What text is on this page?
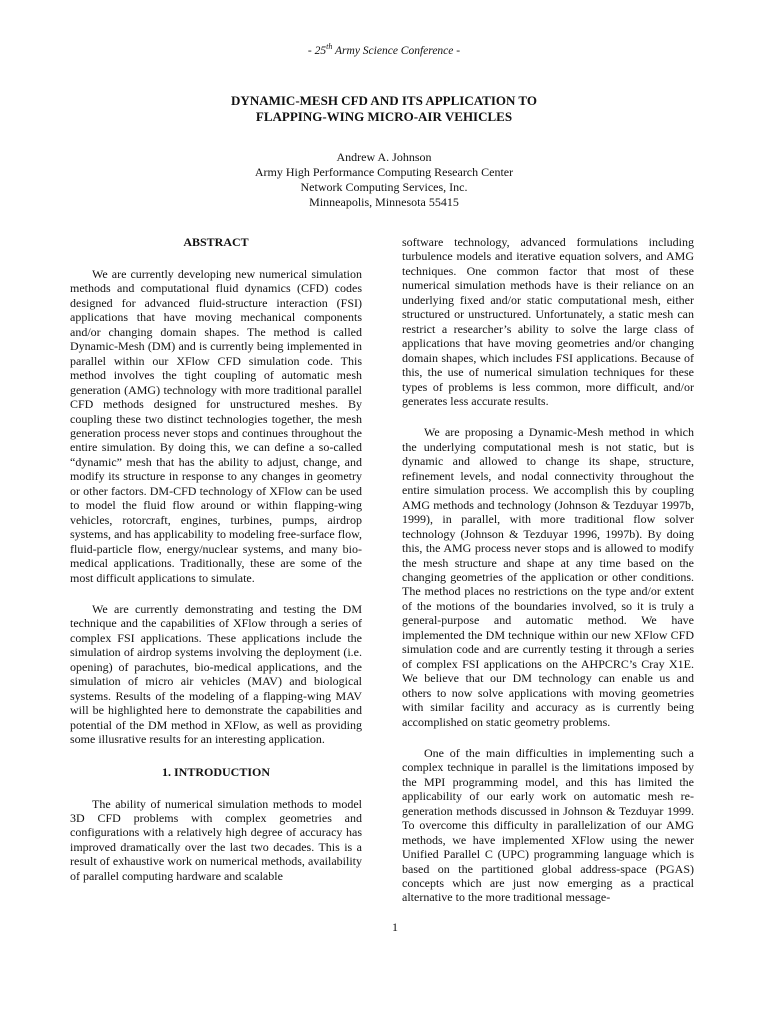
- 25th Army Science Conference -
DYNAMIC-MESH CFD AND ITS APPLICATION TO
FLAPPING-WING MICRO-AIR VEHICLES
Andrew A. Johnson
Army High Performance Computing Research Center
Network Computing Services, Inc.
Minneapolis, Minnesota 55415
ABSTRACT

We are currently developing new numerical simulation methods and computational fluid dynamics (CFD) codes designed for advanced fluid-structure interaction (FSI) applications that have moving mechanical components and/or changing domain shapes. The method is called Dynamic-Mesh (DM) and is currently being implemented in parallel within our XFlow CFD simulation code. This method involves the tight coupling of automatic mesh generation (AMG) technology with more traditional parallel CFD methods designed for unstructured meshes. By coupling these two distinct technologies together, the mesh generation process never stops and continues throughout the entire simulation. By doing this, we can define a so-called “dynamic” mesh that has the ability to adjust, change, and modify its structure in response to any changes in geometry or other factors. DM-CFD technology of XFlow can be used to model the fluid flow around or within flapping-wing vehicles, rotorcraft, engines, turbines, pumps, airdrop systems, and has applicability to modeling free-surface flow, fluid-particle flow, energy/nuclear systems, and many bio-medical applications. Traditionally, these are some of the most difficult applications to simulate.

We are currently demonstrating and testing the DM technique and the capabilities of XFlow through a series of complex FSI applications. These applications include the simulation of airdrop systems involving the deployment (i.e. opening) of parachutes, bio-medical applications, and the simulation of micro air vehicles (MAV) and biological systems. Results of the modeling of a flapping-wing MAV will be highlighted here to demonstrate the capabilities and potential of the DM method in XFlow, as well as providing some illusrative results for an interesting application.

1. INTRODUCTION

The ability of numerical simulation methods to model 3D CFD problems with complex geometries and configurations with a relatively high degree of accuracy has improved dramatically over the last two decades. This is a result of exhaustive work on numerical methods, availability of parallel computing hardware and scalable

software technology, advanced formulations including turbulence models and iterative equation solvers, and AMG techniques. One common factor that most of these numerical simulation methods have is their reliance on an underlying fixed and/or static computational mesh, either structured or unstructured. Unfortunately, a static mesh can restrict a researcher’s ability to solve the large class of applications that have moving geometries and/or changing domain shapes, which includes FSI applications. Because of this, the use of numerical simulation techniques for these types of problems is less common, more difficult, and/or generates less accurate results.

We are proposing a Dynamic-Mesh method in which the underlying computational mesh is not static, but is dynamic and allowed to change its shape, structure, refinement levels, and nodal connectivity throughout the entire simulation process. We accomplish this by coupling AMG methods and technology (Johnson & Tezduyar 1997b, 1999), in parallel, with more traditional flow solver technology (Johnson & Tezduyar 1996, 1997b). By doing this, the AMG process never stops and is allowed to modify the mesh structure and shape at any time based on the changing geometries of the application or other conditions. The method places no restrictions on the type and/or extent of the motions of the boundaries involved, so it is truly a general-purpose and automatic method. We have implemented the DM technique within our new XFlow CFD simulation code and are currently testing it through a series of complex FSI applications on the AHPCRC’s Cray X1E. We believe that our DM technology can enable us and others to now solve applications with moving geometries with similar facility and accuracy as is currently being accomplished on static geometry problems.

One of the main difficulties in implementing such a complex technique in parallel is the limitations imposed by the MPI programming model, and this has limited the applicability of our early work on automatic mesh re-generation methods discussed in Johnson & Tezduyar 1999. To overcome this difficulty in parallelization of our AMG methods, we have implemented XFlow using the newer Unified Parallel C (UPC) programming language which is based on the partitioned global address-space (PGAS) concepts which are just now emerging as a practical alternative to the more traditional message-

1
